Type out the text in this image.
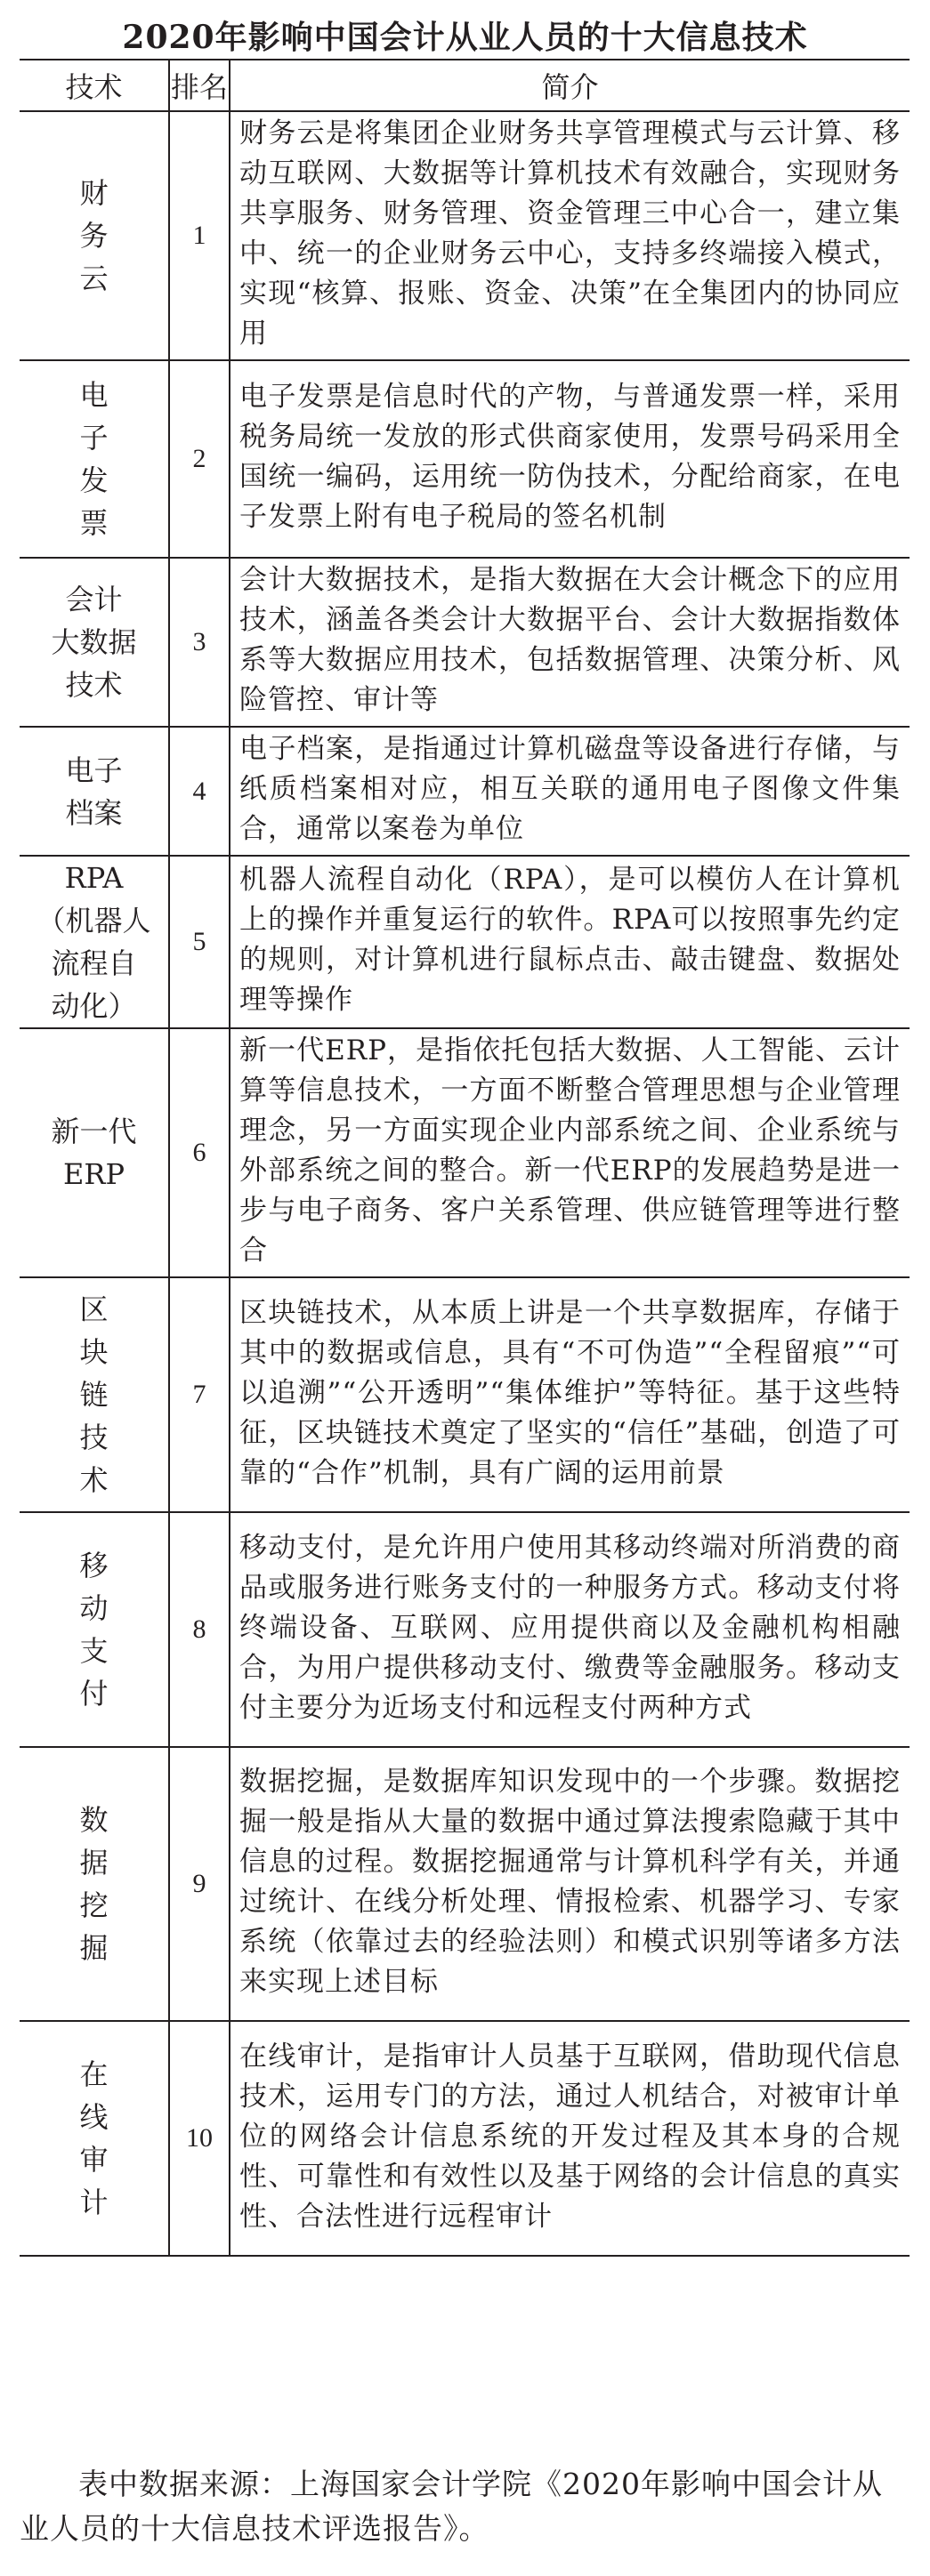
2020年影响中国会计从业人员的十大信息技术
技术	排名	简介

财
务
云	1	财务云是将集团企业财务共享管理模式与云计算、移动互联网、大数据等计算机技术有效融合，实现财务共享服务、财务管理、资金管理三中心合一，建立集中、统一的企业财务云中心，支持多终端接入模式，实现“核算、报账、资金、决策”在全集团内的协同应用

电
子
发
票	2	电子发票是信息时代的产物，与普通发票一样，采用税务局统一发放的形式供商家使用，发票号码采用全国统一编码，运用统一防伪技术，分配给商家，在电子发票上附有电子税局的签名机制

会计
大数据
技术	3	会计大数据技术，是指大数据在大会计概念下的应用技术，涵盖各类会计大数据平台、会计大数据指数体系等大数据应用技术，包括数据管理、决策分析、风险管控、审计等

电子
档案	4	电子档案，是指通过计算机磁盘等设备进行存储，与纸质档案相对应，相互关联的通用电子图像文件集合，通常以案卷为单位

RPA
（机器人
流程自
动化）	5	机器人流程自动化（RPA），是可以模仿人在计算机上的操作并重复运行的软件。RPA可以按照事先约定的规则，对计算机进行鼠标点击、敲击键盘、数据处理等操作

新一代
ERP	6	新一代ERP，是指依托包括大数据、人工智能、云计算等信息技术，一方面不断整合管理思想与企业管理理念，另一方面实现企业内部系统之间、企业系统与外部系统之间的整合。新一代ERP的发展趋势是进一步与电子商务、客户关系管理、供应链管理等进行整合

区
块
链
技
术	7	区块链技术，从本质上讲是一个共享数据库，存储于其中的数据或信息，具有“不可伪造”“全程留痕”“可以追溯”“公开透明”“集体维护”等特征。基于这些特征，区块链技术奠定了坚实的“信任”基础，创造了可靠的“合作”机制，具有广阔的运用前景

移
动
支
付	8	移动支付，是允许用户使用其移动终端对所消费的商品或服务进行账务支付的一种服务方式。移动支付将终端设备、互联网、应用提供商以及金融机构相融合，为用户提供移动支付、缴费等金融服务。移动支付主要分为近场支付和远程支付两种方式

数
据
挖
掘	9	数据挖掘，是数据库知识发现中的一个步骤。数据挖掘一般是指从大量的数据中通过算法搜索隐藏于其中信息的过程。数据挖掘通常与计算机科学有关，并通过统计、在线分析处理、情报检索、机器学习、专家系统（依靠过去的经验法则）和模式识别等诸多方法来实现上述目标

在
线
审
计	10	在线审计，是指审计人员基于互联网，借助现代信息技术，运用专门的方法，通过人机结合，对被审计单位的网络会计信息系统的开发过程及其本身的合规性、可靠性和有效性以及基于网络的会计信息的真实性、合法性进行远程审计
表中数据来源：上海国家会计学院《2020年影响中国会计从业人员的十大信息技术评选报告》。
